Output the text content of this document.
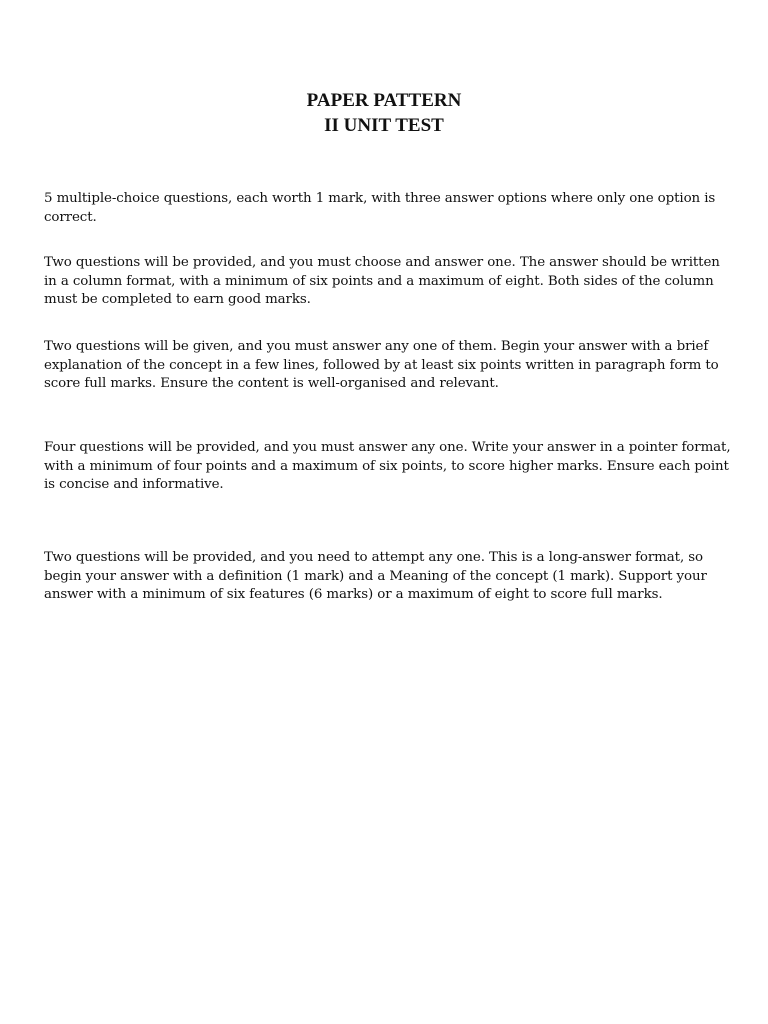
PAPER PATTERN
II UNIT TEST

5 multiple-choice questions, each worth 1 mark, with three answer options where only one option is correct.

Two questions will be provided, and you must choose and answer one. The answer should be written in a column format, with a minimum of six points and a maximum of eight. Both sides of the column must be completed to earn good marks.

Two questions will be given, and you must answer any one of them. Begin your answer with a brief explanation of the concept in a few lines, followed by at least six points written in paragraph form to score full marks. Ensure the content is well-organised and relevant.

Four questions will be provided, and you must answer any one. Write your answer in a pointer format, with a minimum of four points and a maximum of six points, to score higher marks. Ensure each point is concise and informative.

Two questions will be provided, and you need to attempt any one. This is a long-answer format, so begin your answer with a definition (1 mark) and a Meaning of the concept (1 mark). Support your answer with a minimum of six features (6 marks) or a maximum of eight to score full marks.
